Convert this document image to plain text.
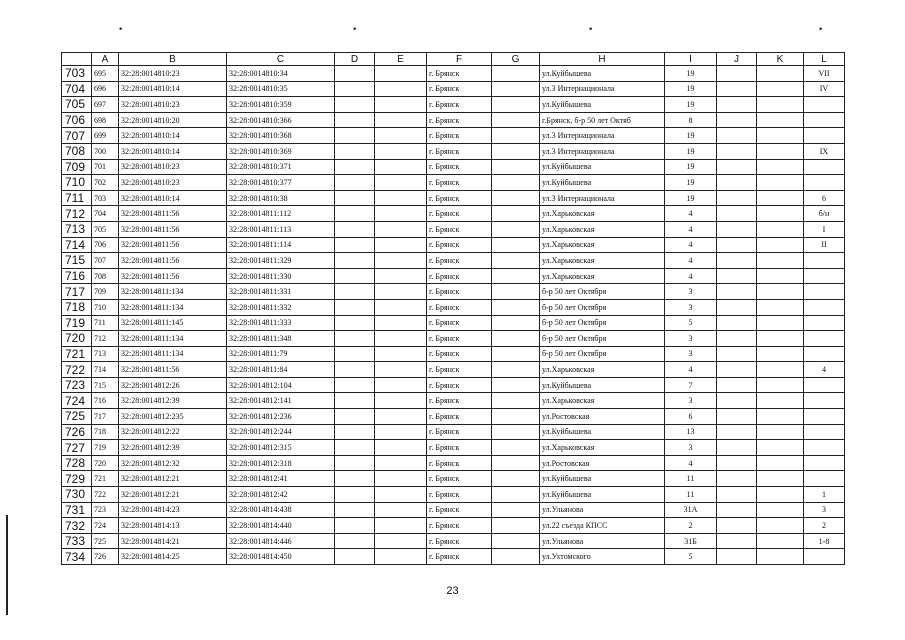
•	•	•	•
	A	B	C	D	E	F	G	H	I	J	K	L
703	695	32:28:0014810:23	32:28:0014810:34			г. Брянск		ул.Куйбышева	19			VII
704	696	32:28:0014810:14	32:28:0014810:35			г. Брянск		ул.3 Интернационала	19			IV
705	697	32:28:0014810:23	32:28:0014810:359			г. Брянск		ул.Куйбышева	19			
706	698	32:28:0014810:20	32:28:0014810:366			г. Брянск		г.Брянск, б-р 50 лет Октяб	8			
707	699	32:28:0014810:14	32:28:0014810:368			г. Брянск		ул.3 Интернационала	19			
708	700	32:28:0014810:14	32:28:0014810:369			г. Брянск		ул.3 Интернационала	19			IX
709	701	32:28:0014810:23	32:28:0014810:371			г. Брянск		ул.Куйбышева	19			
710	702	32:28:0014810:23	32:28:0014810:377			г. Брянск		ул.Куйбышева	19			
711	703	32:28:0014810:14	32:28:0014810:38			г. Брянск		ул.3 Интернационала	19			6
712	704	32:28:0014811:56	32:28:0014811:112			г. Брянск		ул.Харьковская	4			б/н
713	705	32:28:0014811:56	32:28:0014811:113			г. Брянск		ул.Харьковская	4			I
714	706	32:28:0014811:56	32:28:0014811:114			г. Брянск		ул.Харьковская	4			II
715	707	32:28:0014811:56	32:28:0014811:329			г. Брянск		ул.Харьковская	4			
716	708	32:28:0014811:56	32:28:0014811:330			г. Брянск		ул.Харьковская	4			
717	709	32:28:0014811:134	32:28:0014811:331			г. Брянск		б-р 50 лет Октября	3			
718	710	32:28:0014811:134	32:28:0014811:332			г. Брянск		б-р 50 лет Октября	3			
719	711	32:28:0014811:145	32:28:0014811:333			г. Брянск		б-р 50 лет Октября	5			
720	712	32:28:0014811:134	32:28:0014811:348			г. Брянск		б-р 50 лет Октября	3			
721	713	32:28:0014811:134	32:28:0014811:79			г. Брянск		б-р 50 лет Октября	3			
722	714	32:28:0014811:56	32:28:0014811:84			г. Брянск		ул.Харьковская	4			4
723	715	32:28:0014812:26	32:28:0014812:104			г. Брянск		ул.Куйбышева	7			
724	716	32:28:0014812:39	32:28:0014812:141			г. Брянск		ул.Харьковская	3			
725	717	32:28:0014812:235	32:28:0014812:236			г. Брянск		ул.Ростовская	6			
726	718	32:28:0014812:22	32:28:0014812:244			г. Брянск		ул.Куйбышева	13			
727	719	32:28:0014812:39	32:28:0014812:315			г. Брянск		ул.Харьковская	3			
728	720	32:28:0014812:32	32:28:0014812:318			г. Брянск		ул.Ростовская	4			
729	721	32:28:0014812:21	32:28:0014812:41			г. Брянск		ул.Куйбышева	11			
730	722	32:28:0014812:21	32:28:0014812:42			г. Брянск		ул.Куйбышева	11			1
731	723	32:28:0014814:23	32:28:0014814:438			г. Брянск		ул.Ульянова	31А			3
732	724	32:28:0014814:13	32:28:0014814:440			г. Брянск		ул.22 съезда КПСС	2			2
733	725	32:28:0014814:21	32:28:0014814:446			г. Брянск		ул.Ульянова	31Б			1-8
734	726	32:28:0014814:25	32:28:0014814:450			г. Брянск		ул.Ухтомского	5			
23
